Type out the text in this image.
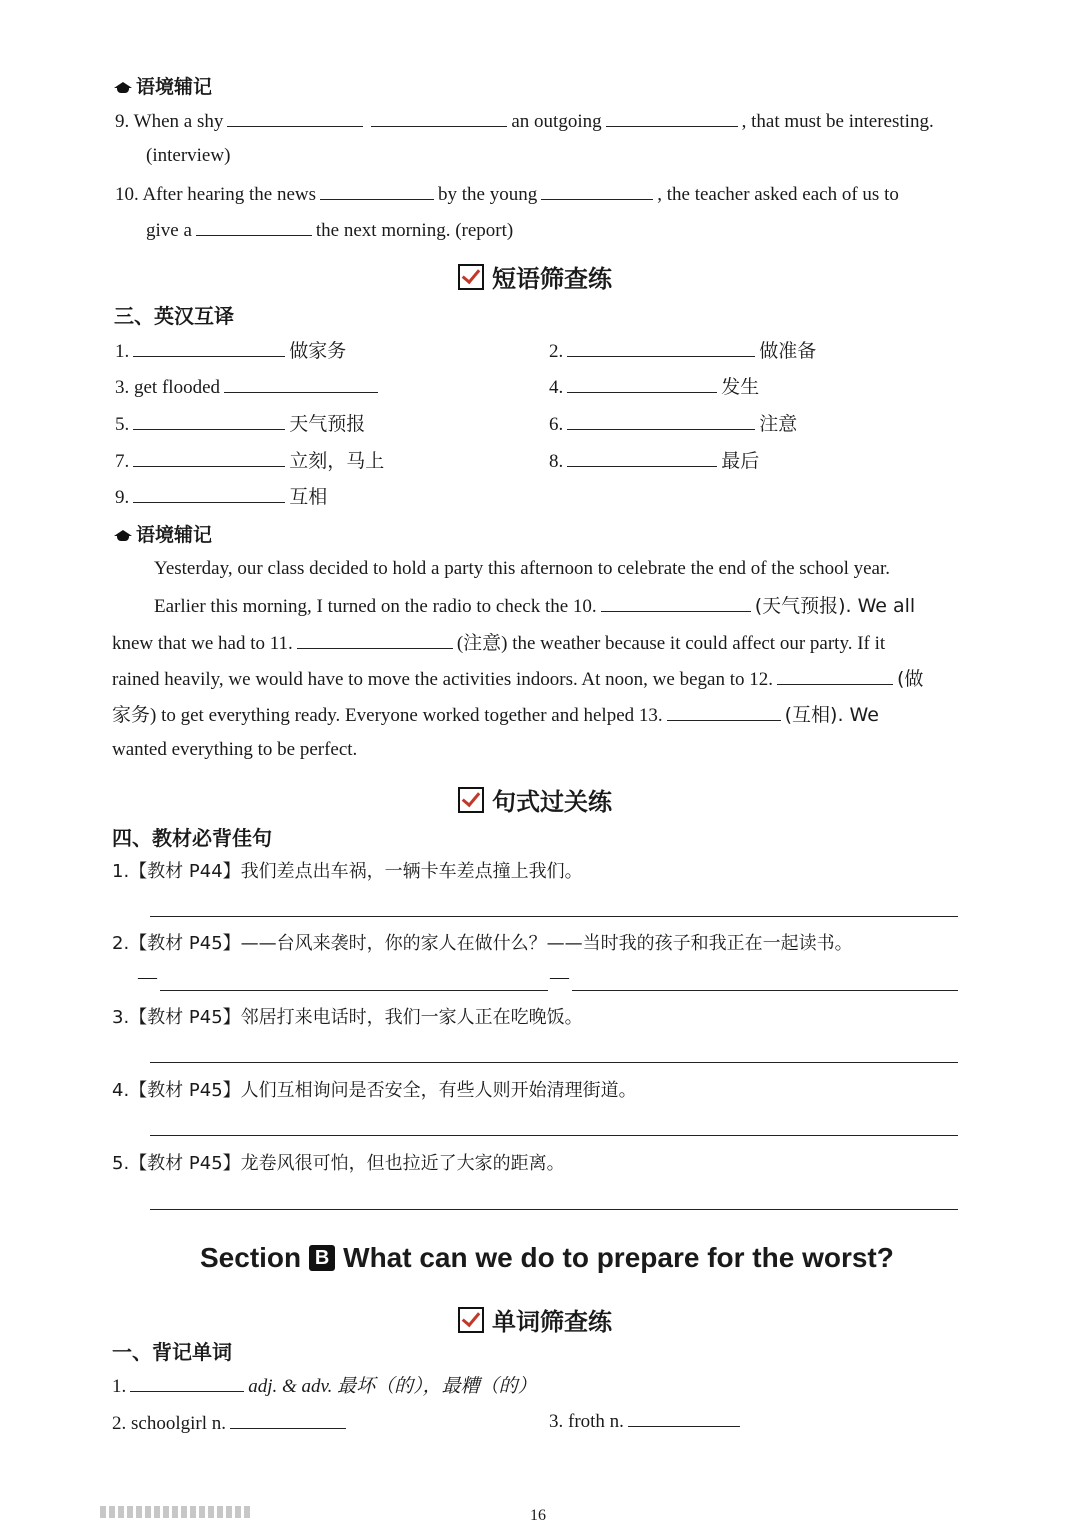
语境辅记
9. When a shy	an outgoing	, that must be interesting.
(interview)
10. After hearing the news	by the young	, the teacher asked each of us to
give a	the next morning. (report)
短语筛查练
三、英汉互译
1.	做家务	2.	做准备
3. get flooded	4.	发生
5.	天气预报	6.	注意
7.	立刻，马上	8.	最后
9.	互相
语境辅记
Yesterday, our class decided to hold a party this afternoon to celebrate the end of the school year.
Earlier this morning, I turned on the radio to check the 10.	(天气预报). We all
knew that we had to 11.	(注意) the weather because it could affect our party. If it
rained heavily, we would have to move the activities indoors. At noon, we began to 12.	(做
家务) to get everything ready. Everyone worked together and helped 13.	(互相). We
wanted everything to be perfect.
句式过关练
四、教材必背佳句
1.【教材 P44】我们差点出车祸，一辆卡车差点撞上我们。
2.【教材 P45】——台风来袭时，你的家人在做什么？——当时我的孩子和我正在一起读书。
—	—
3.【教材 P45】邻居打来电话时，我们一家人正在吃晚饭。
4.【教材 P45】人们互相询问是否安全，有些人则开始清理街道。
5.【教材 P45】龙卷风很可怕，但也拉近了大家的距离。
Section B What can we do to prepare for the worst?
单词筛查练
一、背记单词
1.	adj. & adv. 最坏（的），最糟（的）
2. schoolgirl n.	3. froth n.
16
